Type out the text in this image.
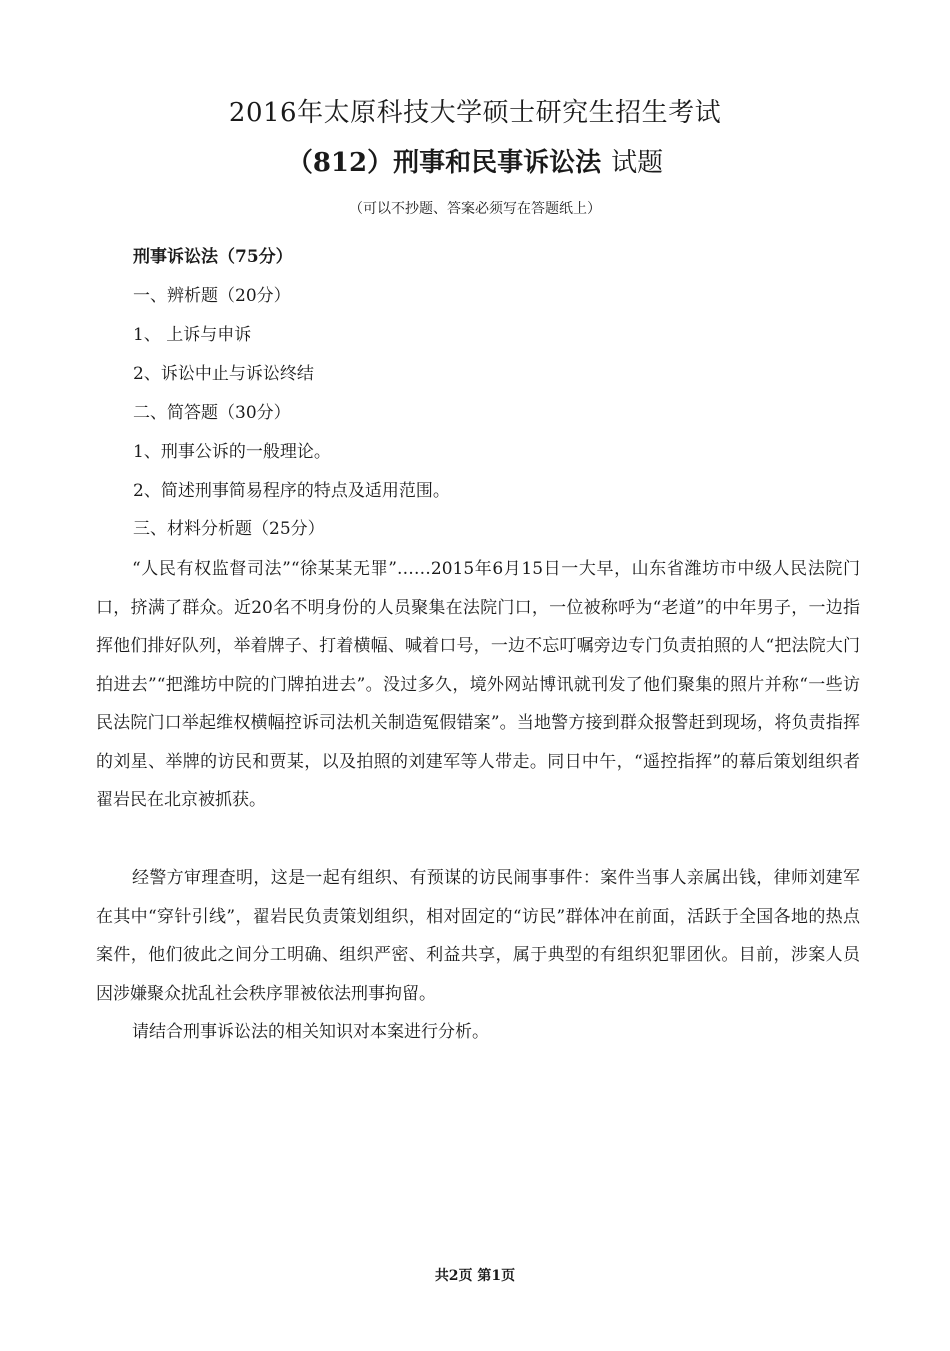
2016年太原科技大学硕士研究生招生考试
（812）刑事和民事诉讼法 试题
（可以不抄题、答案必须写在答题纸上）
刑事诉讼法（75分）
一、辨析题（20分）
1、 上诉与申诉
2、诉讼中止与诉讼终结
二、简答题（30分）
1、刑事公诉的一般理论。
2、简述刑事简易程序的特点及适用范围。
三、材料分析题（25分）

“人民有权监督司法”“徐某某无罪”……2015年6月15日一大早，山东省潍坊市中级人民法院门口，挤满了群众。近20名不明身份的人员聚集在法院门口，一位被称呼为“老道”的中年男子，一边指挥他们排好队列，举着牌子、打着横幅、喊着口号，一边不忘叮嘱旁边专门负责拍照的人“把法院大门拍进去”“把潍坊中院的门牌拍进去”。没过多久，境外网站博讯就刊发了他们聚集的照片并称“一些访民法院门口举起维权横幅控诉司法机关制造冤假错案”。当地警方接到群众报警赶到现场，将负责指挥的刘星、举牌的访民和贾某，以及拍照的刘建军等人带走。同日中午，“遥控指挥”的幕后策划组织者翟岩民在北京被抓获。

经警方审理查明，这是一起有组织、有预谋的访民闹事事件：案件当事人亲属出钱，律师刘建军在其中“穿针引线”，翟岩民负责策划组织，相对固定的“访民”群体冲在前面，活跃于全国各地的热点案件，他们彼此之间分工明确、组织严密、利益共享，属于典型的有组织犯罪团伙。目前，涉案人员因涉嫌聚众扰乱社会秩序罪被依法刑事拘留。

请结合刑事诉讼法的相关知识对本案进行分析。

共2页 第1页
